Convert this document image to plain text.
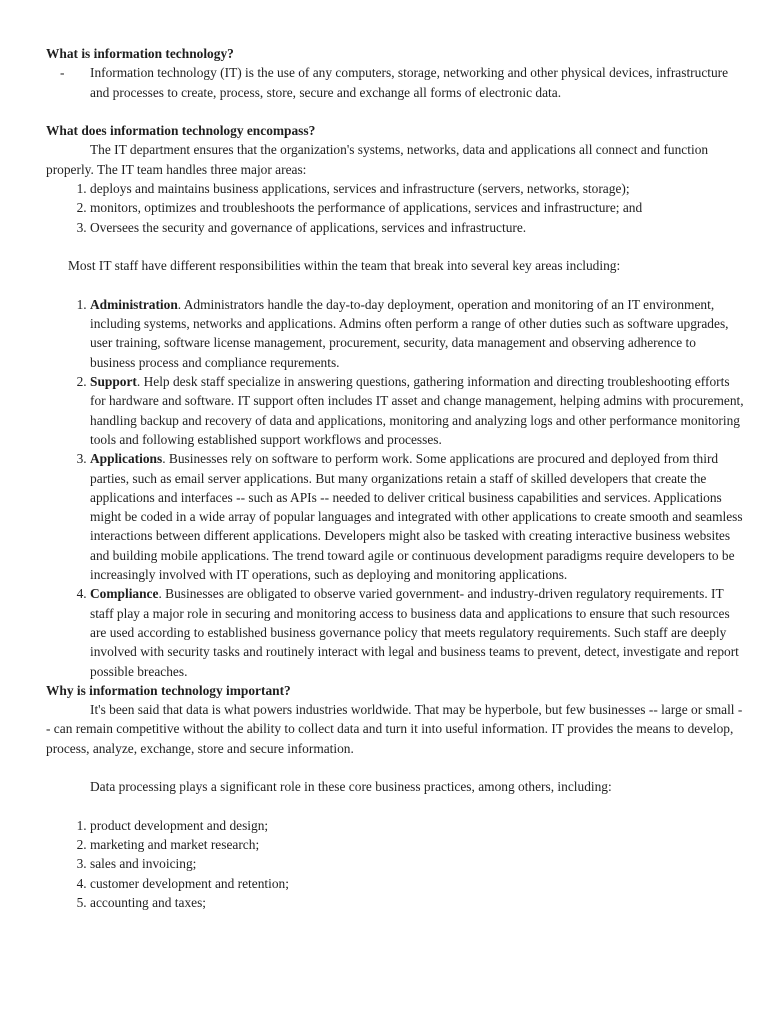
What is information technology?
- Information technology (IT) is the use of any computers, storage, networking and other physical devices, infrastructure and processes to create, process, store, secure and exchange all forms of electronic data.
What does information technology encompass?

The IT department ensures that the organization's systems, networks, data and applications all connect and function properly. The IT team handles three major areas:

1. deploys and maintains business applications, services and infrastructure (servers, networks, storage);
2. monitors, optimizes and troubleshoots the performance of applications, services and infrastructure; and
3. Oversees the security and governance of applications, services and infrastructure.

Most IT staff have different responsibilities within the team that break into several key areas including:

1. Administration. Administrators handle the day-to-day deployment, operation and monitoring of an IT environment, including systems, networks and applications. Admins often perform a range of other duties such as software upgrades, user training, software license management, procurement, security, data management and observing adherence to business process and compliance requrements.
2. Support. Help desk staff specialize in answering questions, gathering information and directing troubleshooting efforts for hardware and software. IT support often includes IT asset and change management, helping admins with procurement, handling backup and recovery of data and applications, monitoring and analyzing logs and other performance monitoring tools and following established support workflows and processes.
3. Applications. Businesses rely on software to perform work. Some applications are procured and deployed from third parties, such as email server applications. But many organizations retain a staff of skilled developers that create the applications and interfaces -- such as APIs -- needed to deliver critical business capabilities and services. Applications might be coded in a wide array of popular languages and integrated with other applications to create smooth and seamless interactions between different applications. Developers might also be tasked with creating interactive business websites and building mobile applications. The trend toward agile or continuous development paradigms require developers to be increasingly involved with IT operations, such as deploying and monitoring applications.
4. Compliance. Businesses are obligated to observe varied government- and industry-driven regulatory requirements. IT staff play a major role in securing and monitoring access to business data and applications to ensure that such resources are used according to established business governance policy that meets regulatory requirements. Such staff are deeply involved with security tasks and routinely interact with legal and business teams to prevent, detect, investigate and report possible breaches.
Why is information technology important?

It's been said that data is what powers industries worldwide. That may be hyperbole, but few businesses -- large or small -- can remain competitive without the ability to collect data and turn it into useful information. IT provides the means to develop, process, analyze, exchange, store and secure information.

Data processing plays a significant role in these core business practices, among others, including:

1. product development and design;
2. marketing and market research;
3. sales and invoicing;
4. customer development and retention;
5. accounting and taxes;
